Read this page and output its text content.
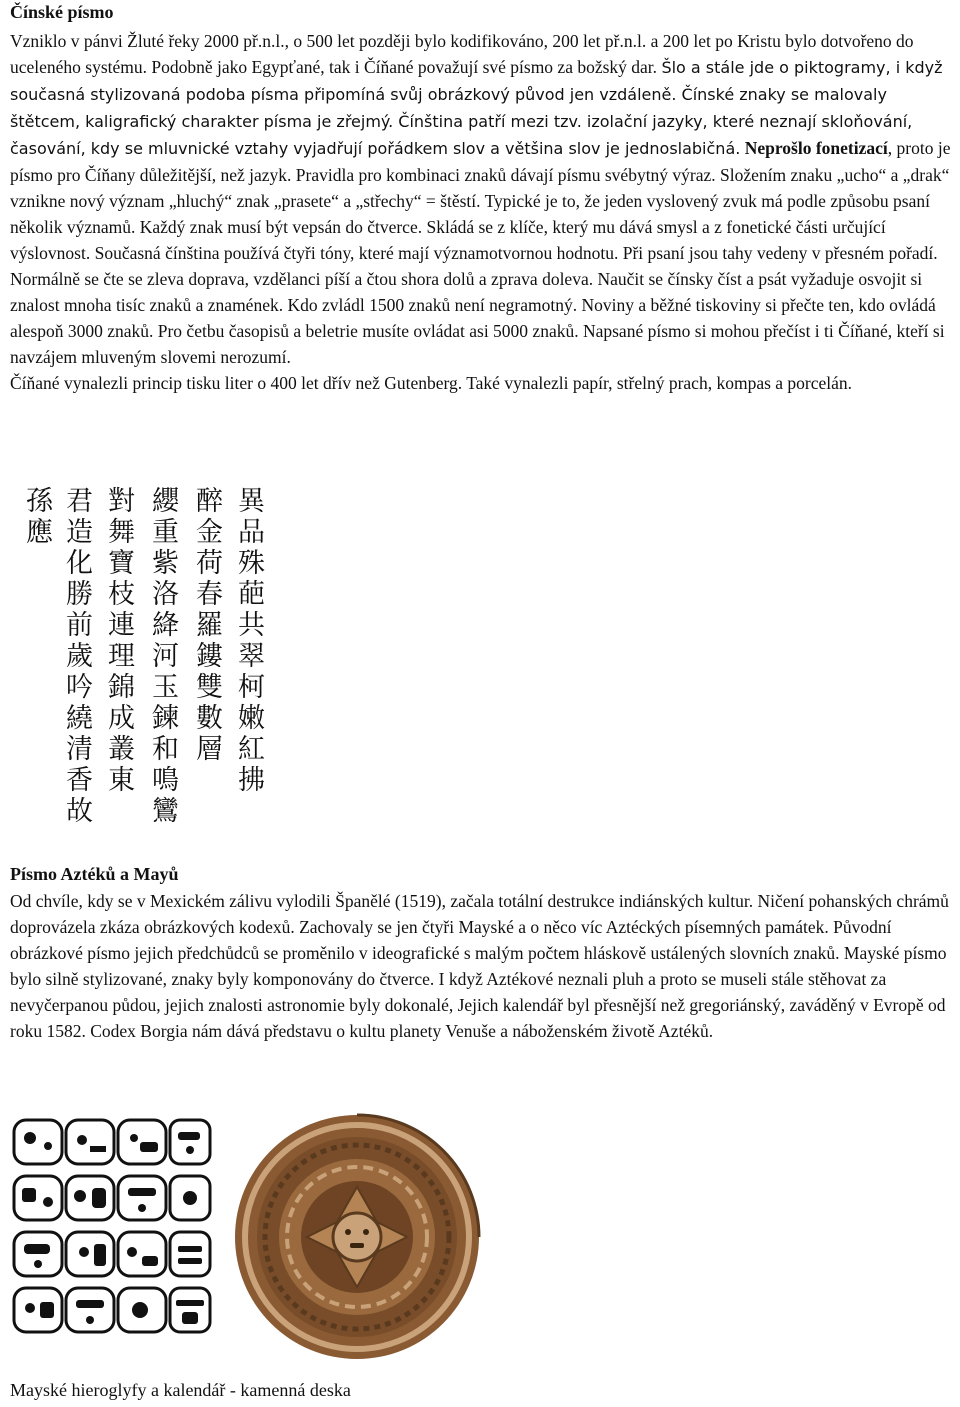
Čínské písmo
Vzniklo v pánvi Žluté řeky 2000 př.n.l., o 500 let později bylo kodifikováno, 200 let př.n.l. a 200 let po Kristu bylo dotvořeno do uceleného systému. Podobně jako Egypťané, tak i Číňané považují své písmo za božský dar. Šlo a stále jde o piktogramy, i když současná stylizovaná podoba písma připomíná svůj obrázkový původ jen vzdáleně. Čínské znaky se malovaly štětcem, kaligrafický charakter písma je zřejmý. Čínština patří mezi tzv. izolační jazyky, které neznají skloňování, časování, kdy se mluvnické vztahy vyjadřují pořádkem slov a většina slov je jednoslabičná. Neprošlo fonetizací, proto je písmo pro Číňany důležitější, než jazyk. Pravidla pro kombinaci znaků dávají písmu svébytný výraz. Složením znaku „ucho“ a „drak“ vznikne nový význam „hluchý“ znak „prasete“ a „střechy“ = štěstí. Typické je to, že jeden vyslovený zvuk má podle způsobu psaní několik významů. Každý znak musí být vepsán do čtverce. Skládá se z klíče, který mu dává smysl a z fonetické části určující výslovnost. Současná čínština používá čtyři tóny, které mají významotvornou hodnotu. Při psaní jsou tahy vedeny v přesném pořadí. Normálně se čte se zleva doprava, vzdělanci píší a čtou shora dolů a zprava doleva. Naučit se čínsky číst a psát vyžaduje osvojit si znalost mnoha tisíc znaků a znamének. Kdo zvládl 1500 znaků není negramotný. Noviny a běžné tiskoviny si přečte ten, kdo ovládá alespoň 3000 znaků. Pro četbu časopisů a beletrie musíte ovládat asi 5000 znaků. Napsané písmo si mohou přečíst i ti Číňané, kteří si navzájem mluveným slovemi nerozumí.
Číňané vynalezli princip tisku liter o 400 let dřív než Gutenberg. Také vynalezli papír, střelný prach, kompas a porcelán.
異
品
殊
葩
共
翠
柯
嫩
紅
拂
醉
金
荷
春
羅
鏤
雙
數
層
纓
重
紫
洛
絳
河
玉
鍊
和
鳴
鸞
對
舞
寶
枝
連
理
錦
成
叢
東
君
造
化
勝
前
歲
吟
繞
清
香
故
孫
應
Písmo Aztéků a Mayů
Od chvíle, kdy se v Mexickém zálivu vylodili Španělé (1519), začala totální destrukce indiánských kultur. Ničení pohanských chrámů doprovázela zkáza obrázkových kodexů. Zachovaly se jen čtyři Mayské a o něco víc Aztéckých písemných památek. Původní obrázkové písmo jejich předchůdců se proměnilo v ideografické s malým počtem hláskově ustálených slovních znaků. Mayské písmo bylo silně stylizované, znaky byly komponovány do čtverce. I když Aztékové neznali pluh a proto se museli stále stěhovat za nevyčerpanou půdou, jejich znalosti astronomie byly dokonalé, Jejich kalendář byl přesnější než gregoriánský, zaváděný v Evropě od roku 1582. Codex Borgia nám dává představu o kultu planety Venuše a náboženském životě Aztéků.
Mayské hieroglyfy a kalendář - kamenná deska
